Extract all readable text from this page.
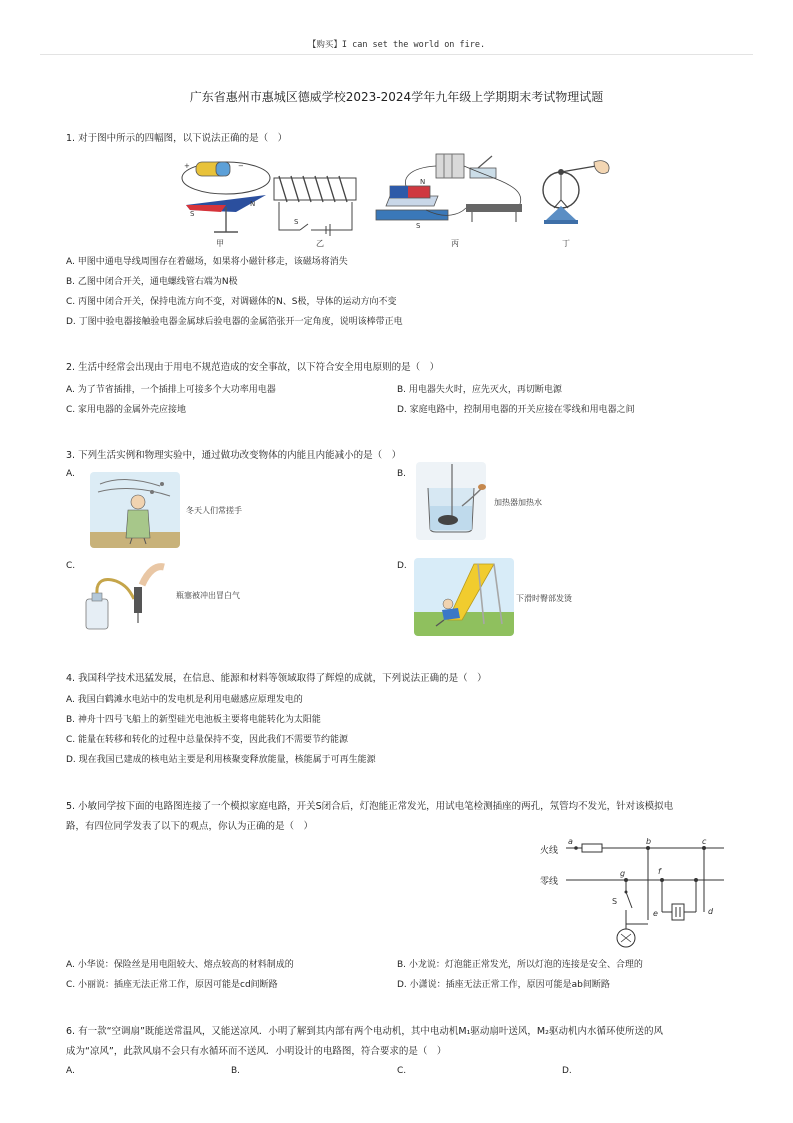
【购买】I can set the world on fire.
广东省惠州市惠城区德威学校2023-2024学年九年级上学期期末考试物理试题
1. 对于图中所示的四幅图，以下说法正确的是（　）
+	−
S
N
S
N
S
甲	乙	丙	丁
A. 甲图中通电导线周围存在着磁场，如果将小磁针移走，该磁场将消失
B. 乙图中闭合开关，通电螺线管右端为N极
C. 丙图中闭合开关，保持电流方向不变，对调磁体的N、S极，导体的运动方向不变
D. 丁图中验电器接触验电器金属球后验电器的金属箔张开一定角度，说明该棒带正电
2. 生活中经常会出现由于用电不规范造成的安全事故，以下符合安全用电原则的是（　）
A. 为了节省插排，一个插排上可接多个大功率用电器	B. 用电器失火时，应先灭火，再切断电源
C. 家用电器的金属外壳应接地	D. 家庭电路中，控制用电器的开关应接在零线和用电器之间
3. 下列生活实例和物理实验中，通过做功改变物体的内能且内能减小的是（　）
A.
冬天人们常搓手
B.
加热器加热水
C.
瓶塞被冲出冒白气
D.
下滑时臀部发烫
4. 我国科学技术迅猛发展，在信息、能源和材料等领域取得了辉煌的成就，下列说法正确的是（　）
A. 我国白鹤滩水电站中的发电机是利用电磁感应原理发电的
B. 神舟十四号飞船上的新型硅光电池板主要将电能转化为太阳能
C. 能量在转移和转化的过程中总量保持不变，因此我们不需要节约能源
D. 现在我国已建成的核电站主要是利用核聚变释放能量，核能属于可再生能源
5. 小敏同学按下面的电路图连接了一个模拟家庭电路，开关S闭合后，灯泡能正常发光，用试电笔检测插座的两孔，氖管均不发光，针对该模拟电
路，有四位同学发表了以下的观点，你认为正确的是（　）
火线
零线
a	b	c
g	f
e	d
S
A. 小华说：保险丝是用电阻较大、熔点较高的材料制成的	B. 小龙说：灯泡能正常发光，所以灯泡的连接是安全、合理的
C. 小丽说：插座无法正常工作，原因可能是cd间断路	D. 小潇说：插座无法正常工作，原因可能是ab间断路
6. 有一款“空调扇”既能送常温风，又能送凉风．小明了解到其内部有两个电动机，其中电动机M₁驱动扇叶送风，M₂驱动机内水循环使所送的风
成为“凉风”，此款风扇不会只有水循环而不送风．小明设计的电路图，符合要求的是（　）
A.	B.	C.	D.
